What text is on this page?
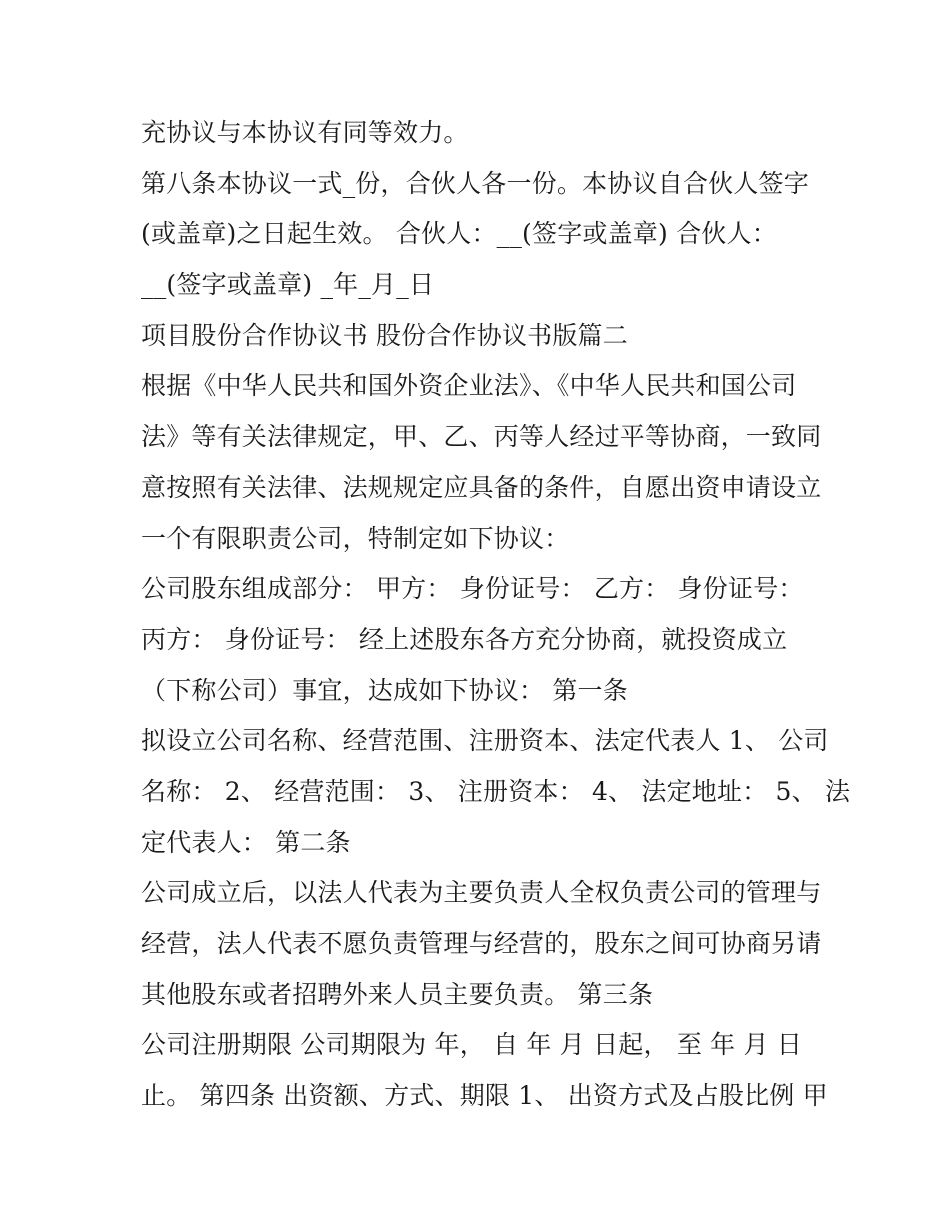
充协议与本协议有同等效力。
第八条本协议一式_份，合伙人各一份。本协议自合伙人签字
(或盖章)之日起生效。 合伙人：__(签字或盖章) 合伙人：
__(签字或盖章) _年_月_日
项目股份合作协议书 股份合作协议书版篇二
根据《中华人民共和国外资企业法》、《中华人民共和国公司
法》等有关法律规定，甲、乙、丙等人经过平等协商，一致同
意按照有关法律、法规规定应具备的条件，自愿出资申请设立
一个有限职责公司，特制定如下协议：
公司股东组成部分： 甲方： 身份证号： 乙方： 身份证号：
丙方： 身份证号： 经上述股东各方充分协商，就投资成立
（下称公司）事宜，达成如下协议： 第一条
拟设立公司名称、经营范围、注册资本、法定代表人 1、 公司
名称： 2、 经营范围： 3、 注册资本： 4、 法定地址： 5、 法
定代表人： 第二条
公司成立后，以法人代表为主要负责人全权负责公司的管理与
经营，法人代表不愿负责管理与经营的，股东之间可协商另请
其他股东或者招聘外来人员主要负责。 第三条
公司注册期限 公司期限为 年， 自 年 月 日起， 至 年 月 日
止。 第四条 出资额、方式、期限 1、 出资方式及占股比例 甲
